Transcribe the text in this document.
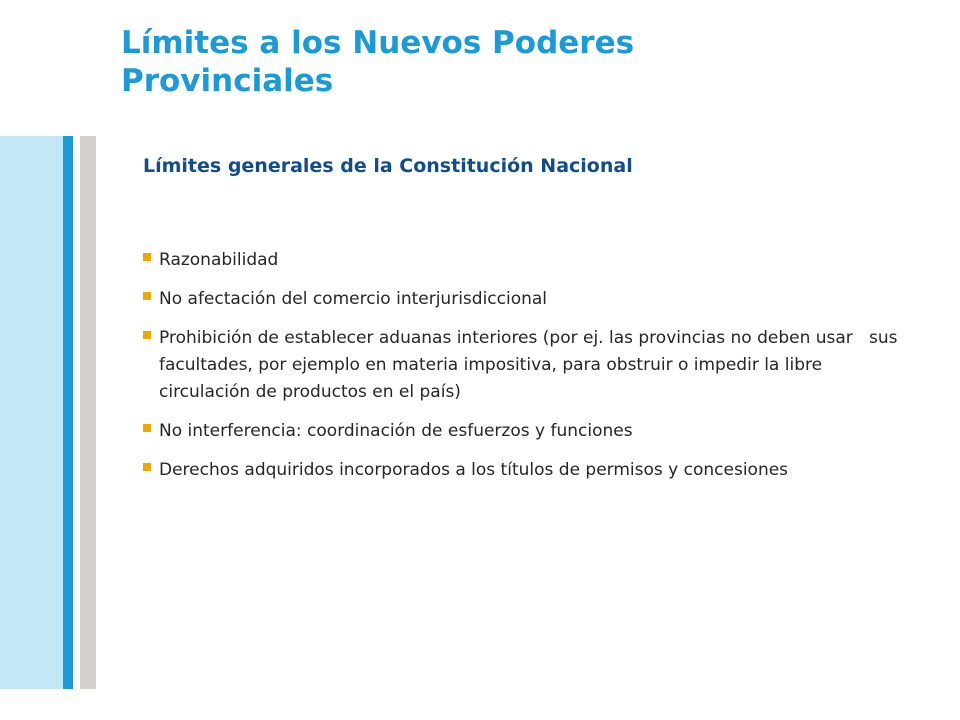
Límites a los Nuevos Poderes Provinciales
Límites generales de la Constitución Nacional
Razonabilidad
No afectación del comercio interjurisdiccional
Prohibición de establecer aduanas interiores (por ej. las provincias no deben usar   sus facultades, por ejemplo en materia impositiva, para obstruir o impedir la libre circulación de productos en el país)
No interferencia: coordinación de esfuerzos y funciones
Derechos adquiridos incorporados a los títulos de permisos y concesiones
